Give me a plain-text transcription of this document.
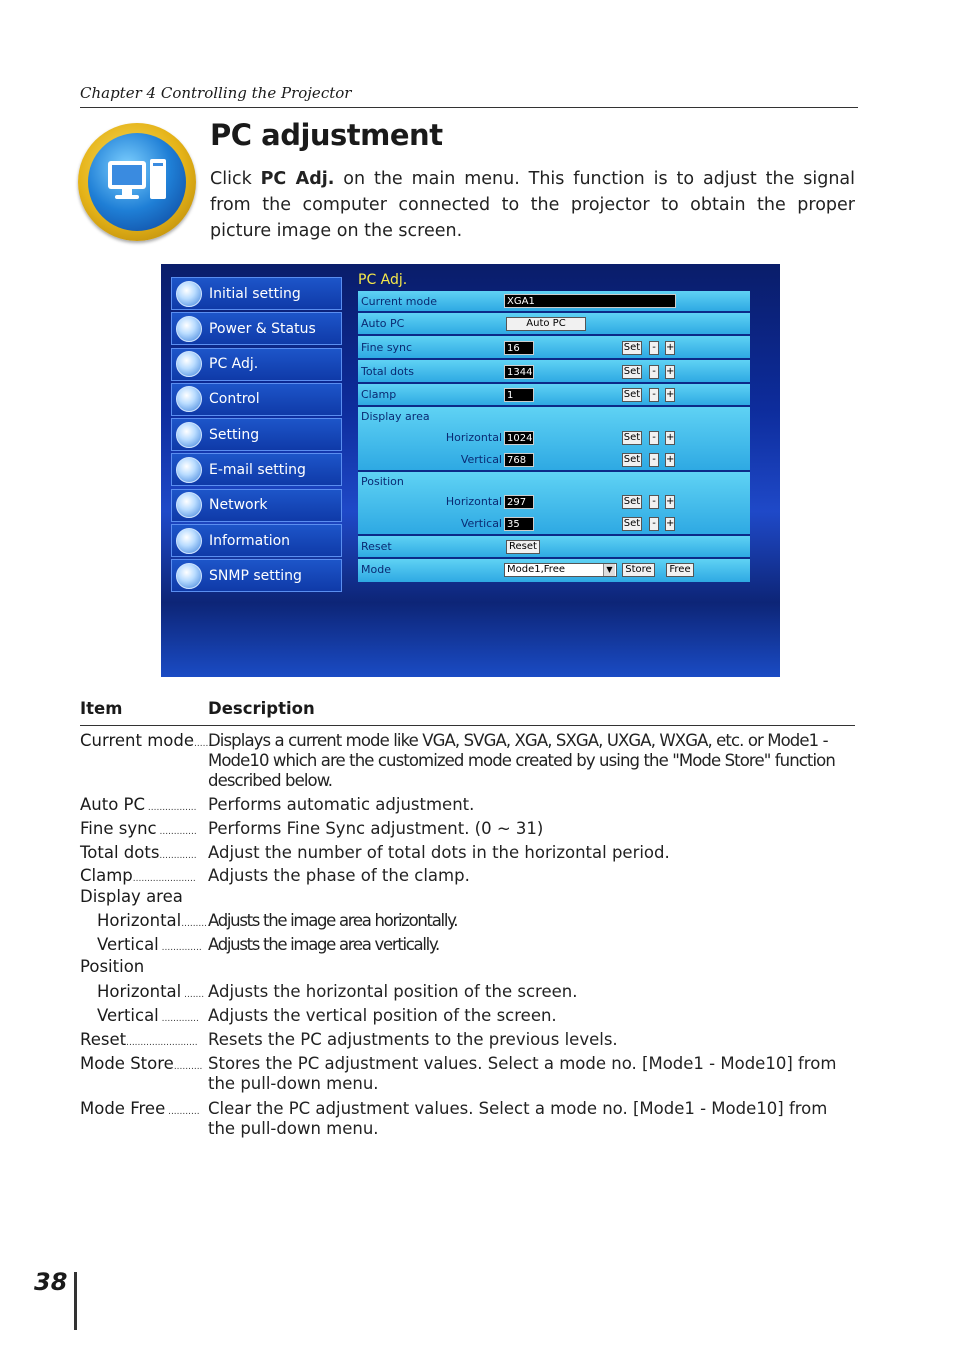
Chapter 4 Controlling the Projector
PC adjustment
Click PC Adj. on the main menu. This function is to adjust the signal from the computer connected to the projector to obtain the proper picture image on the screen.
Initial setting
Power & Status
PC Adj.
Control
Setting
E-mail setting
Network
Information
SNMP setting
PC Adj.
Current mode	XGA1
Auto PC	Auto PC
Fine sync	16	Set	-	+
Total dots	1344	Set	-	+
Clamp	1	Set	-	+
Display area
Horizontal 1024	Set	-	+
Vertical 768	Set	-	+
Position
Horizontal 297	Set	-	+
Vertical 35	Set	-	+
Reset	Reset
Mode	Mode1,Free	▼	Store	Free
Item	Description
Current mode......
Displays a current mode like VGA, SVGA, XGA, SXGA, UXGA, WXGA, etc. or Mode1 - Mode10 which are the customized mode created by using the "Mode Store" function described below.
Auto PC ................. Performs automatic adjustment.
Fine sync ............. Performs Fine Sync adjustment. (0 ~ 31)
Total dots............. Adjust the number of total dots in the horizontal period.
Clamp...................... Adjusts the phase of the clamp.
Display area
Horizontal......... Adjusts the image area horizontally.
Vertical .............. Adjusts the image area vertically.
Position
Horizontal ....... Adjusts the horizontal position of the screen.
Vertical ............. Adjusts the vertical position of the screen.
Reset......................... Resets the PC adjustments to the previous levels.
Mode Store.......... Stores the PC adjustment values. Select a mode no. [Mode1 - Mode10] from the pull-down menu.
Mode Free ........... Clear the PC adjustment values. Select a mode no. [Mode1 - Mode10] from the pull-down menu.
38
